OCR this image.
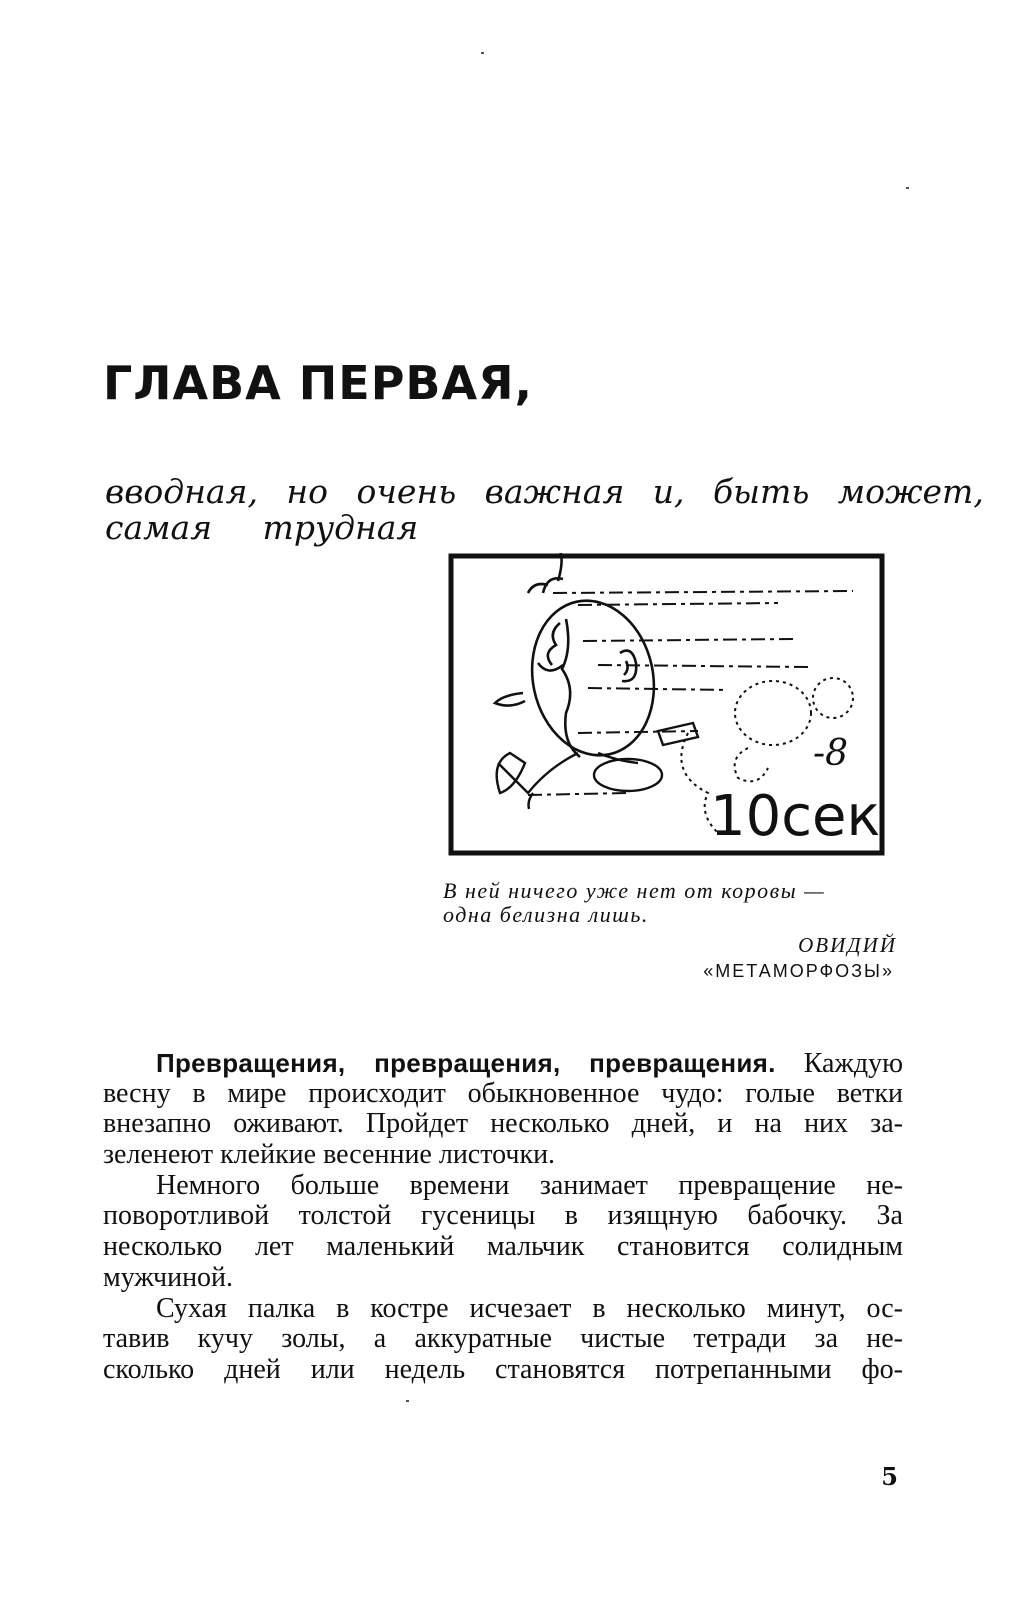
ГЛАВА ПЕРВАЯ,
вводная, но очень важная и, быть может,
самая трудная
-8
10сек
В ней ничего уже нет от коровы —
одна белизна лишь.
ОВИДИЙ
«МЕТАМОРФОЗЫ»
Превращения, превращения, превращения. Каждую
весну в мире происходит обыкновенное чудо: голые ветки
внезапно оживают. Пройдет несколько дней, и на них за-
зеленеют клейкие весенние листочки.
Немного больше времени занимает превращение не-
поворотливой толстой гусеницы в изящную бабочку. За
несколько лет маленький мальчик становится солидным
мужчиной.
Сухая палка в костре исчезает в несколько минут, ос-
тавив кучу золы, а аккуратные чистые тетради за не-
сколько дней или недель становятся потрепанными фо-
5
